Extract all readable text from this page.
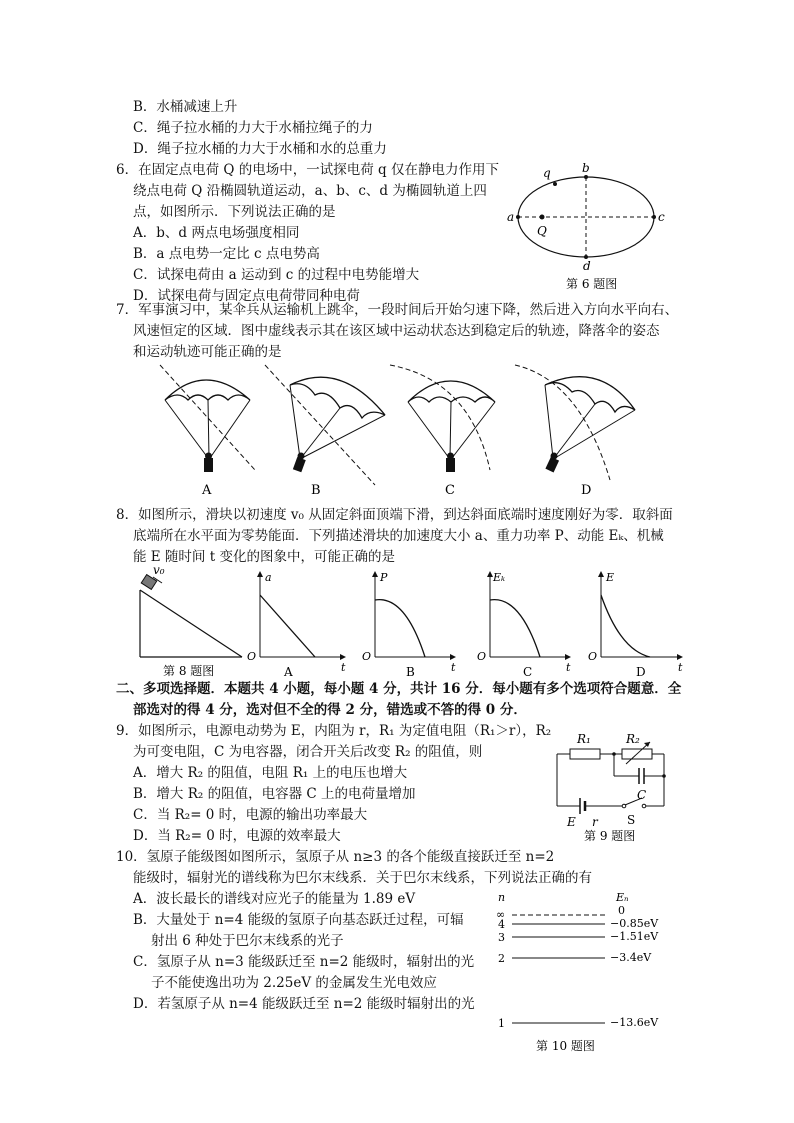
B．水桶减速上升
C．绳子拉水桶的力大于水桶拉绳子的力
D．绳子拉水桶的力大于水桶和水的总重力
6．在固定点电荷 Q 的电场中，一试探电荷 q 仅在静电力作用下
绕点电荷 Q 沿椭圆轨道运动，a、b、c、d 为椭圆轨道上四
点，如图所示．下列说法正确的是
A．b、d 两点电场强度相同
B．a 点电势一定比 c 点电势高
C．试探电荷由 a 运动到 c 的过程中电势能增大
D．试探电荷与固定点电荷带同种电荷
q	b
a
Q
c
d
第 6 题图
7．军事演习中，某伞兵从运输机上跳伞，一段时间后开始匀速下降，然后进入方向水平向右、
风速恒定的区域．图中虚线表示其在该区域中运动状态达到稳定后的轨迹，降落伞的姿态
和运动轨迹可能正确的是
A	B	C	D
8．如图所示，滑块以初速度 v₀ 从固定斜面顶端下滑，到达斜面底端时速度刚好为零．取斜面
底端所在水平面为零势能面．下列描述滑块的加速度大小 a、重力功率 P、动能 Eₖ、机械
能 E 随时间 t 变化的图象中，可能正确的是
v₀
第 8 题图
a
O
t
A
P
O
t
B
Eₖ
O
t
C
E
O
t
D
二、多项选择题．本题共 4 小题，每小题 4 分，共计 16 分．每小题有多个选项符合题意．全
部选对的得 4 分，选对但不全的得 2 分，错选或不答的得 0 分．
9．如图所示，电源电动势为 E，内阻为 r，R₁ 为定值电阻（R₁＞r），R₂
为可变电阻，C 为电容器，闭合开关后改变 R₂ 的阻值，则
A．增大 R₂ 的阻值，电阻 R₁ 上的电压也增大
B．增大 R₂ 的阻值，电容器 C 上的电荷量增加
C．当 R₂= 0 时，电源的输出功率最大
D．当 R₂= 0 时，电源的效率最大
R₁	R₂
C
E r S
第 9 题图
10．氢原子能级图如图所示，氢原子从 n≥3 的各个能级直接跃迁至 n=2
能级时，辐射光的谱线称为巴尔末线系．关于巴尔末线系，下列说法正确的有
A．波长最长的谱线对应光子的能量为 1.89 eV
B．大量处于 n=4 能级的氢原子向基态跃迁过程，可辐
射出 6 种处于巴尔末线系的光子
C．氢原子从 n=3 能级跃迁至 n=2 能级时，辐射出的光
子不能使逸出功为 2.25eV 的金属发生光电效应
D．若氢原子从 n=4 能级跃迁至 n=2 能级时辐射出的光
n	Eₙ
∞	0
4	−0.85eV
3	−1.51eV
2	−3.4eV
1	−13.6eV
第 10 题图
